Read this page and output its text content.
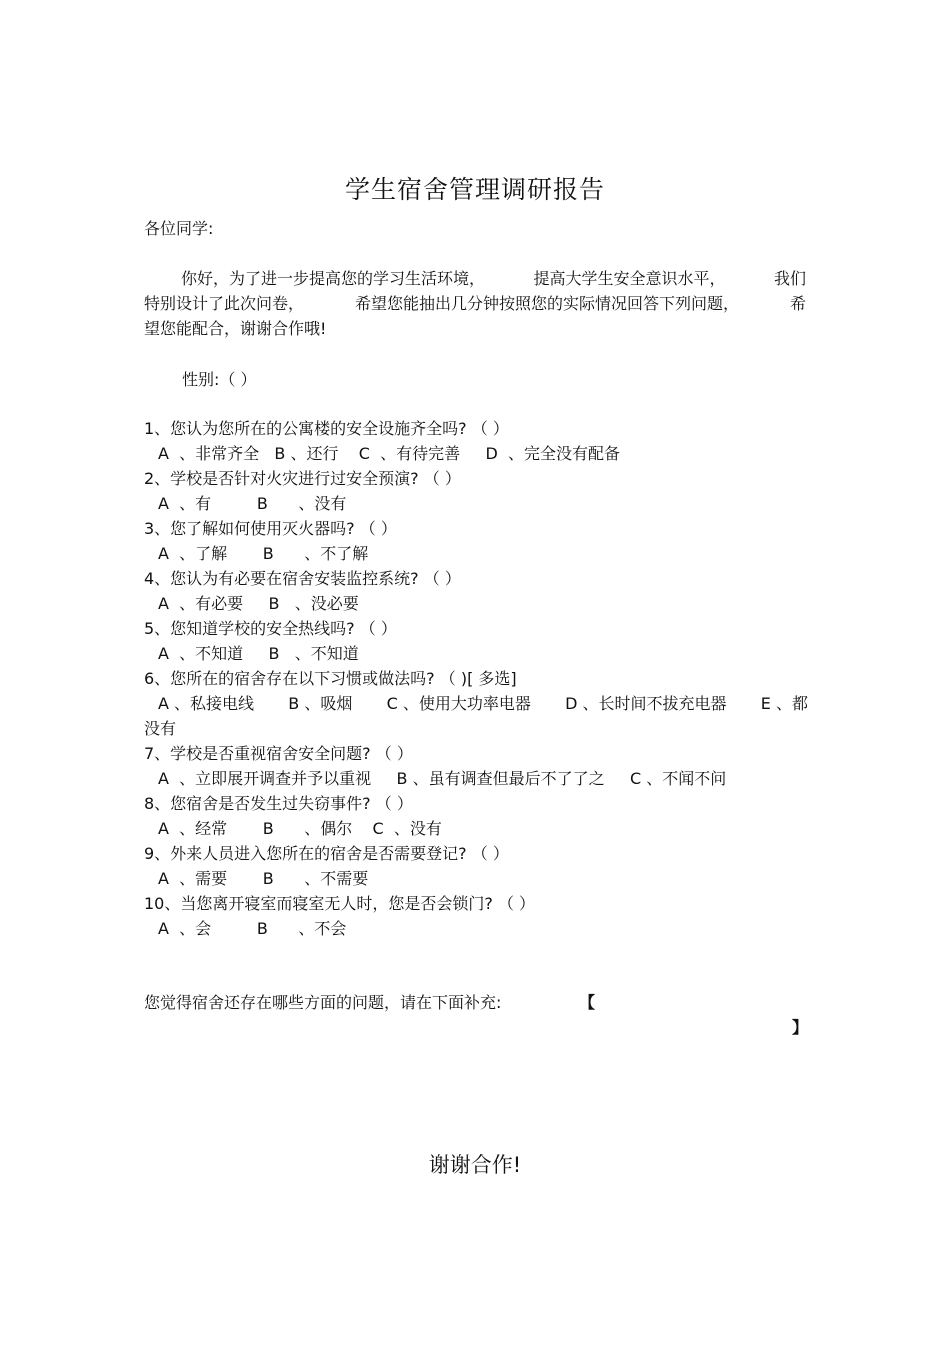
学生宿舍管理调研报告
各位同学:
你好，为了进一步提高您的学习生活环境，	提高大学生安全意识水平，	我们
特别设计了此次问卷，	希望您能抽出几分钟按照您的实际情况回答下列问题，	希
望您能配合，谢谢合作哦!
性别:（ ）
1、您认为您所在的公寓楼的安全设施齐全吗? （ ）
A  、非常齐全   B 、还行    C  、有待完善     D  、完全没有配备
2、学校是否针对火灾进行过安全预演? （ ）
A  、有         B      、没有
3、您了解如何使用灭火器吗? （ ）
A  、了解       B      、不了解
4、您认为有必要在宿舍安装监控系统? （ ）
A  、有必要     B   、没必要
5、您知道学校的安全热线吗? （ ）
A  、不知道     B   、不知道
6、您所在的宿舍存在以下习惯或做法吗? （ )[ 多选]
A 、私接电线 B 、吸烟 C 、使用大功率电器 D 、长时间不拔充电器 E 、都
没有
7、学校是否重视宿舍安全问题? （ ）
A  、立即展开调查并予以重视     B 、虽有调查但最后不了了之     C 、不闻不问
8、您宿舍是否发生过失窃事件? （ ）
A  、经常       B      、偶尔    C  、没有
9、外来人员进入您所在的宿舍是否需要登记? （ ）
A  、需要       B      、不需要
10、当您离开寝室而寝室无人时，您是否会锁门? （ ）
A  、会         B      、不会
您觉得宿舍还存在哪些方面的问题，请在下面补充:	【
】
谢谢合作!
